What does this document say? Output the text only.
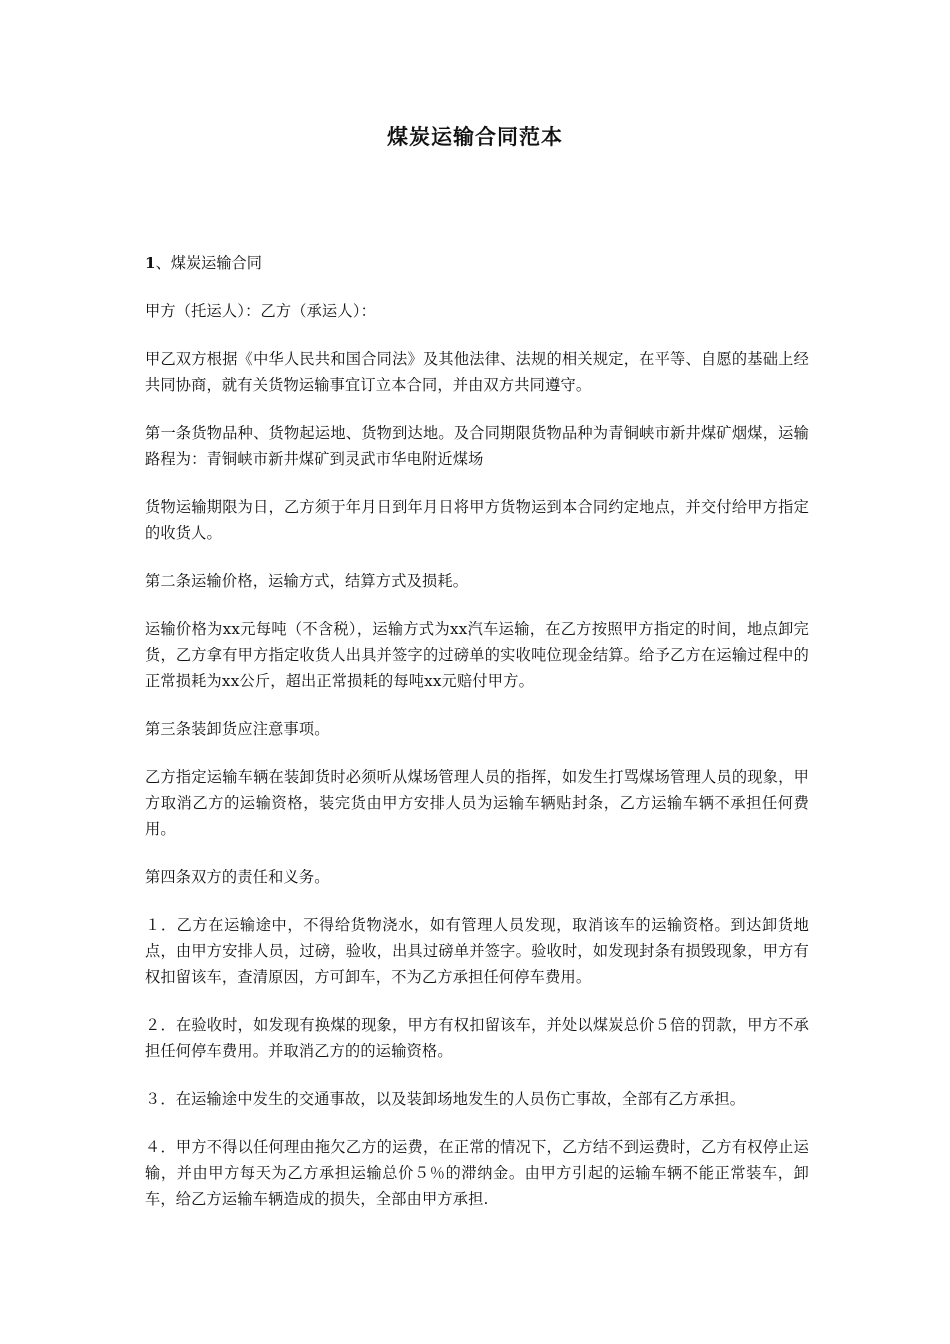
煤炭运输合同范本
1、煤炭运输合同

甲方（托运人）：乙方（承运人）：

甲乙双方根据《中华人民共和国合同法》及其他法律、法规的相关规定，在平等、自愿的基础上经共同协商，就有关货物运输事宜订立本合同，并由双方共同遵守。

第一条货物品种、货物起运地、货物到达地。及合同期限货物品种为青铜峡市新井煤矿烟煤，运输路程为：青铜峡市新井煤矿到灵武市华电附近煤场

货物运输期限为日，乙方须于年月日到年月日将甲方货物运到本合同约定地点，并交付给甲方指定的收货人。

第二条运输价格，运输方式，结算方式及损耗。

运输价格为xx元每吨（不含税），运输方式为xx汽车运输，在乙方按照甲方指定的时间，地点卸完货，乙方拿有甲方指定收货人出具并签字的过磅单的实收吨位现金结算。给予乙方在运输过程中的正常损耗为xx公斤，超出正常损耗的每吨xx元赔付甲方。

第三条装卸货应注意事项。

乙方指定运输车辆在装卸货时必须听从煤场管理人员的指挥，如发生打骂煤场管理人员的现象，甲方取消乙方的运输资格，装完货由甲方安排人员为运输车辆贴封条，乙方运输车辆不承担任何费用。

第四条双方的责任和义务。

１．乙方在运输途中，不得给货物浇水，如有管理人员发现，取消该车的运输资格。到达卸货地点，由甲方安排人员，过磅，验收，出具过磅单并签字。验收时，如发现封条有损毁现象，甲方有权扣留该车，查清原因，方可卸车，不为乙方承担任何停车费用。

２．在验收时，如发现有换煤的现象，甲方有权扣留该车，并处以煤炭总价５倍的罚款，甲方不承担任何停车费用。并取消乙方的的运输资格。

３．在运输途中发生的交通事故，以及装卸场地发生的人员伤亡事故，全部有乙方承担。

４．甲方不得以任何理由拖欠乙方的运费，在正常的情况下，乙方结不到运费时，乙方有权停止运输，并由甲方每天为乙方承担运输总价５％的滞纳金。由甲方引起的运输车辆不能正常装车，卸车，给乙方运输车辆造成的损失，全部由甲方承担.
